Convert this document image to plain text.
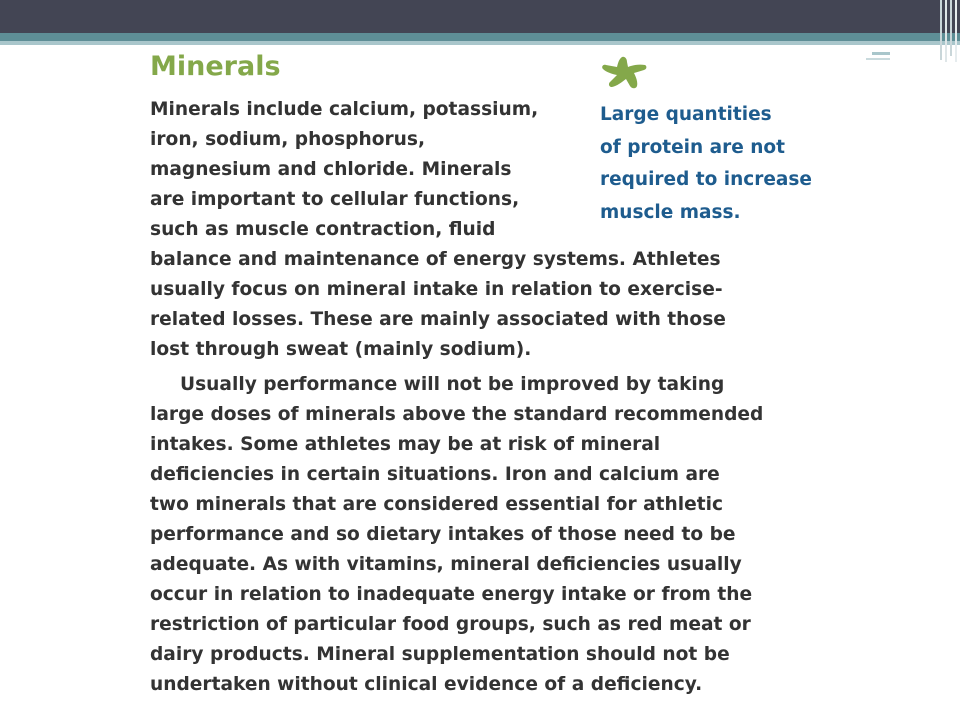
Minerals
Large quantities
of protein are not
required to increase
muscle mass.
Minerals include calcium, potassium,
iron, sodium, phosphorus,
magnesium and chloride. Minerals
are important to cellular functions,
such as muscle contraction, fluid
balance and maintenance of energy systems. Athletes
usually focus on mineral intake in relation to exercise-
related losses. These are mainly associated with those
lost through sweat (mainly sodium).
Usually performance will not be improved by taking
large doses of minerals above the standard recommended
intakes. Some athletes may be at risk of mineral
deficiencies in certain situations. Iron and calcium are
two minerals that are considered essential for athletic
performance and so dietary intakes of those need to be
adequate. As with vitamins, mineral deficiencies usually
occur in relation to inadequate energy intake or from the
restriction of particular food groups, such as red meat or
dairy products. Mineral supplementation should not be
undertaken without clinical evidence of a deficiency.
